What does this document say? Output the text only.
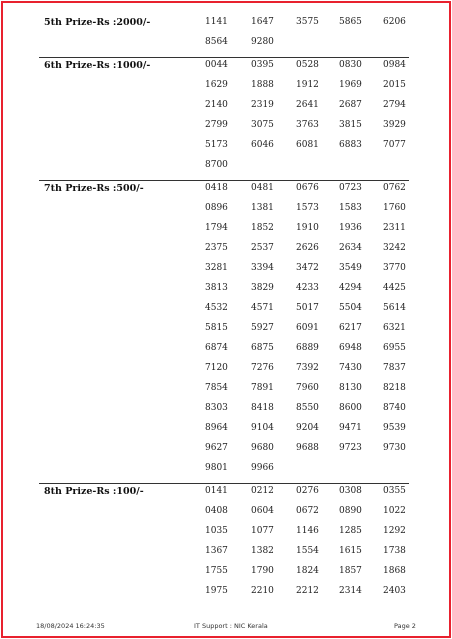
5th Prize-Rs :2000/-	1141	1647 3575 5865 6206
8564	9280
6th Prize-Rs :1000/-	0044	0395 0528 0830 0984
1629	1888 1912 1969 2015
2140	2319 2641 2687 2794
2799	3075 3763 3815 3929
5173	6046 6081 6883 7077
8700
7th Prize-Rs :500/-	0418	0481 0676 0723 0762
0896	1381 1573 1583 1760
1794	1852 1910 1936 2311
2375	2537 2626 2634 3242
3281	3394 3472 3549 3770
3813	3829 4233 4294 4425
4532	4571 5017 5504 5614
5815	5927 6091 6217 6321
6874	6875 6889 6948 6955
7120	7276 7392 7430 7837
7854	7891 7960 8130 8218
8303	8418 8550 8600 8740
8964	9104 9204 9471 9539
9627	9680 9688 9723 9730
9801	9966
8th Prize-Rs :100/-	0141	0212 0276 0308 0355
0408	0604 0672 0890 1022
1035	1077 1146 1285 1292
1367	1382 1554 1615 1738
1755	1790 1824 1857 1868
1975	2210 2212 2314 2403
18/08/2024 16:24:35	IT Support : NIC Kerala	Page 2
